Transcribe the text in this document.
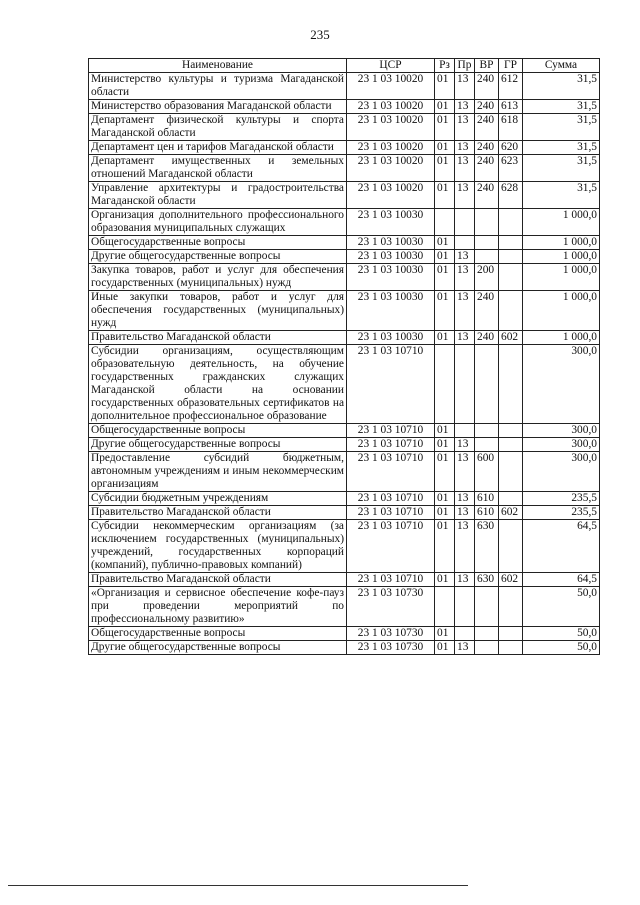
235
Наименование	ЦСР	Рз	Пр	ВР	ГР	Сумма
Министерство культуры и туризма Магаданской области	23 1 03 10020	01	13	240	612	31,5
Министерство образования Магаданской области	23 1 03 10020	01	13	240	613	31,5
Департамент физической культуры и спорта Магаданской области	23 1 03 10020	01	13	240	618	31,5
Департамент цен и тарифов Магаданской области	23 1 03 10020	01	13	240	620	31,5
Департамент имущественных и земельных отношений Магаданской области	23 1 03 10020	01	13	240	623	31,5
Управление архитектуры и градостроительства Магаданской области	23 1 03 10020	01	13	240	628	31,5
Организация дополнительного профессионального образования муниципальных служащих	23 1 03 10030					1 000,0
Общегосударственные вопросы	23 1 03 10030	01				1 000,0
Другие общегосударственные вопросы	23 1 03 10030	01	13			1 000,0
Закупка товаров, работ и услуг для обеспечения государственных (муниципальных) нужд	23 1 03 10030	01	13	200		1 000,0
Иные закупки товаров, работ и услуг для обеспечения государственных (муниципальных) нужд	23 1 03 10030	01	13	240		1 000,0
Правительство Магаданской области	23 1 03 10030	01	13	240	602	1 000,0
Субсидии организациям, осуществляющим образовательную деятельность, на обучение государственных гражданских служащих Магаданской области на основании государственных образовательных сертификатов на дополнительное профессиональное образование	23 1 03 10710					300,0
Общегосударственные вопросы	23 1 03 10710	01				300,0
Другие общегосударственные вопросы	23 1 03 10710	01	13			300,0
Предоставление субсидий бюджетным, автономным учреждениям и иным некоммерческим организациям	23 1 03 10710	01	13	600		300,0
Субсидии бюджетным учреждениям	23 1 03 10710	01	13	610		235,5
Правительство Магаданской области	23 1 03 10710	01	13	610	602	235,5
Субсидии некоммерческим организациям (за исключением государственных (муниципальных) учреждений, государственных корпораций (компаний), публично-правовых компаний)	23 1 03 10710	01	13	630		64,5
Правительство Магаданской области	23 1 03 10710	01	13	630	602	64,5
«Организация и сервисное обеспечение кофе-пауз при проведении мероприятий по профессиональному развитию»	23 1 03 10730					50,0
Общегосударственные вопросы	23 1 03 10730	01				50,0
Другие общегосударственные вопросы	23 1 03 10730	01	13			50,0
